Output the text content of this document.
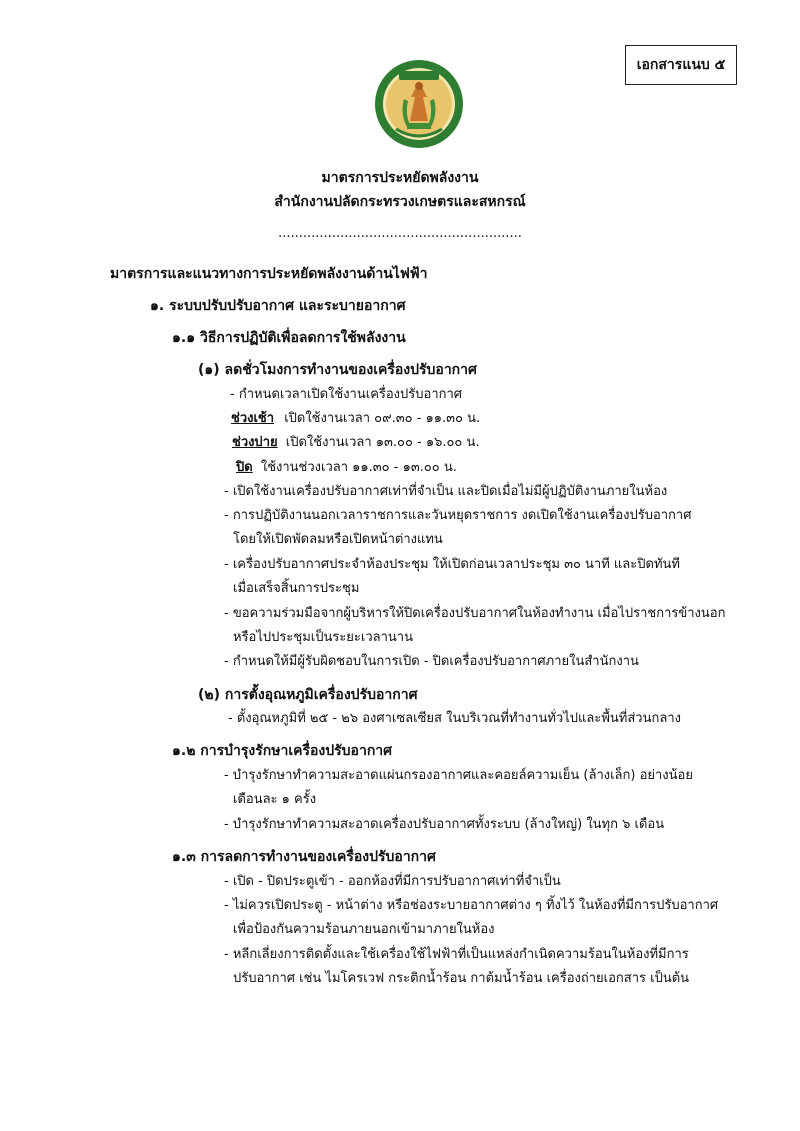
เอกสารแนบ ๕
มาตรการประหยัดพลังงาน
สำนักงานปลัดกระทรวงเกษตรและสหกรณ์
...........................................................
มาตรการและแนวทางการประหยัดพลังงานด้านไฟฟ้า
๑. ระบบปรับปรับอากาศ และระบายอากาศ
๑.๑ วิธีการปฏิบัติเพื่อลดการใช้พลังงาน
(๑) ลดชั่วโมงการทำงานของเครื่องปรับอากาศ
- กำหนดเวลาเปิดใช้งานเครื่องปรับอากาศ
ช่วงเช้า เปิดใช้งานเวลา ๐๙.๓๐ - ๑๑.๓๐ น.
ช่วงบ่าย เปิดใช้งานเวลา ๑๓.๐๐ - ๑๖.๐๐ น.
ปิด ใช้งานช่วงเวลา ๑๑.๓๐ - ๑๓.๐๐ น.
- เปิดใช้งานเครื่องปรับอากาศเท่าที่จำเป็น และปิดเมื่อไม่มีผู้ปฏิบัติงานภายในห้อง
- การปฏิบัติงานนอกเวลาราชการและวันหยุดราชการ งดเปิดใช้งานเครื่องปรับอากาศ
โดยให้เปิดพัดลมหรือเปิดหน้าต่างแทน
- เครื่องปรับอากาศประจำห้องประชุม ให้เปิดก่อนเวลาประชุม ๓๐ นาที และปิดทันที
เมื่อเสร็จสิ้นการประชุม
- ขอความร่วมมือจากผู้บริหารให้ปิดเครื่องปรับอากาศในห้องทำงาน เมื่อไปราชการข้างนอก
หรือไปประชุมเป็นระยะเวลานาน
- กำหนดให้มีผู้รับผิดชอบในการเปิด - ปิดเครื่องปรับอากาศภายในสำนักงาน
(๒) การตั้งอุณหภูมิเครื่องปรับอากาศ
- ตั้งอุณหภูมิที่ ๒๕ - ๒๖ องศาเซลเซียส ในบริเวณที่ทำงานทั่วไปและพื้นที่ส่วนกลาง
๑.๒ การบำรุงรักษาเครื่องปรับอากาศ
- บำรุงรักษาทำความสะอาดแผ่นกรองอากาศและคอยล์ความเย็น (ล้างเล็ก) อย่างน้อย
เดือนละ ๑ ครั้ง
- บำรุงรักษาทำความสะอาดเครื่องปรับอากาศทั้งระบบ (ล้างใหญ่) ในทุก ๖ เดือน
๑.๓ การลดการทำงานของเครื่องปรับอากาศ
- เปิด - ปิดประตูเข้า - ออกห้องที่มีการปรับอากาศเท่าที่จำเป็น
- ไม่ควรเปิดประตู - หน้าต่าง หรือช่องระบายอากาศต่าง ๆ ทิ้งไว้ ในห้องที่มีการปรับอากาศ
เพื่อป้องกันความร้อนภายนอกเข้ามาภายในห้อง
- หลีกเลี่ยงการติดตั้งและใช้เครื่องใช้ไฟฟ้าที่เป็นแหล่งกำเนิดความร้อนในห้องที่มีการ
ปรับอากาศ เช่น ไมโครเวฟ กระติกน้ำร้อน กาต้มน้ำร้อน เครื่องถ่ายเอกสาร เป็นต้น
